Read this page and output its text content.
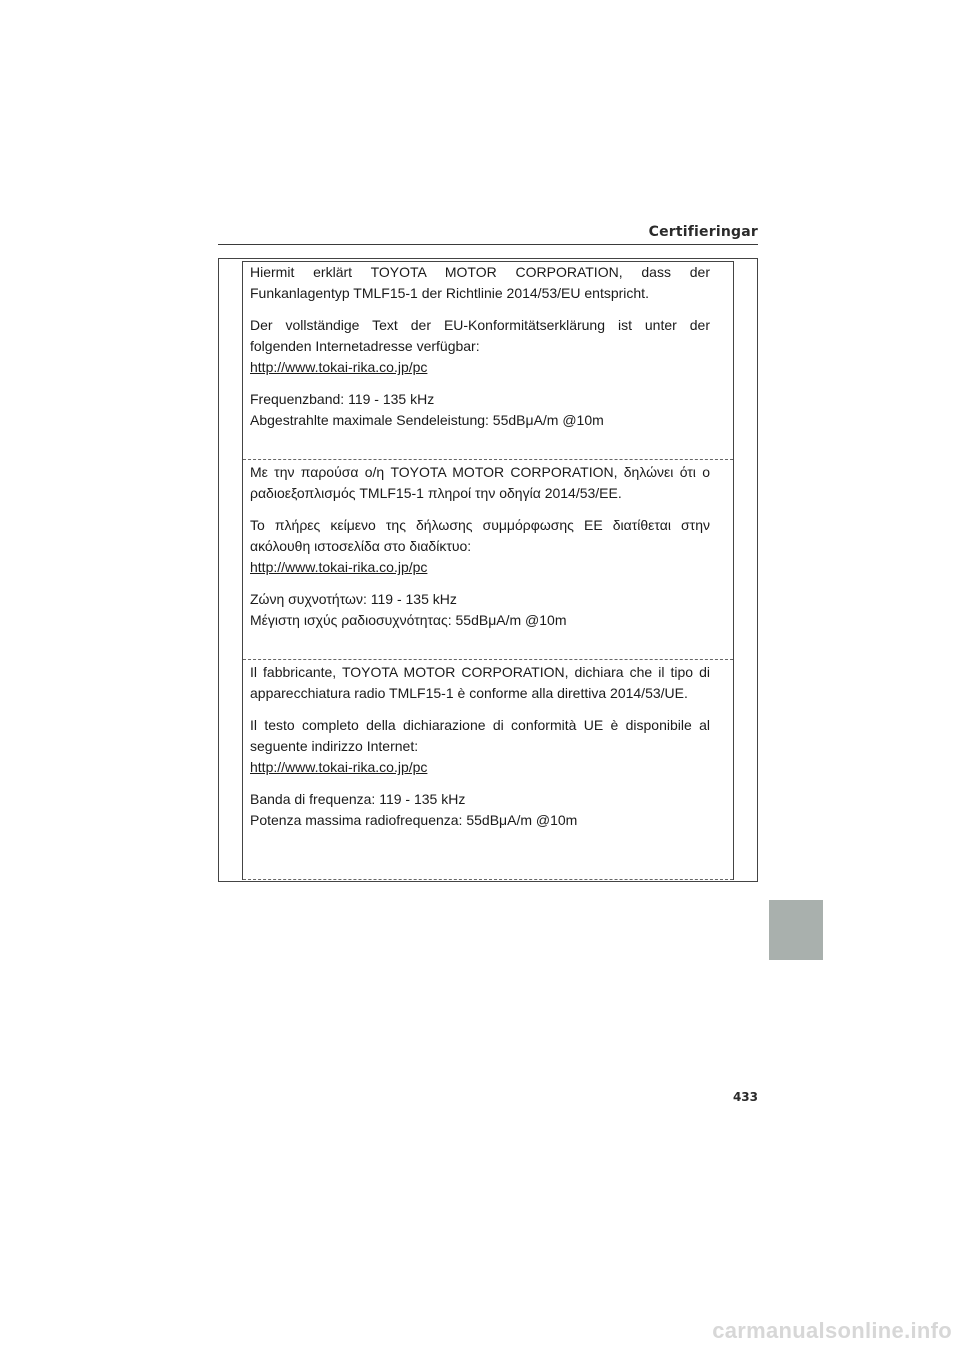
Certifieringar

Hiermit erklärt TOYOTA MOTOR CORPORATION, dass der Funkanlagentyp TMLF15-1 der Richtlinie 2014/53/EU entspricht.

Der vollständige Text der EU-Konformitätserklärung ist unter der folgenden Internetadresse verfügbar:

http://www.tokai-rika.co.jp/pc

Frequenzband: 119 - 135 kHz

Abgestrahlte maximale Sendeleistung: 55dBμA/m @10m

Με την παρούσα ο/η TOYOTA MOTOR CORPORATION, δηλώνει ότι ο ραδιοεξοπλισμός TMLF15-1 πληροί την οδηγία 2014/53/EE.

Το πλήρες κείμενο της δήλωσης συμμόρφωσης ΕΕ διατίθεται στην ακόλουθη ιστοσελίδα στο διαδίκτυο:

http://www.tokai-rika.co.jp/pc

Ζώνη συχνοτήτων: 119 - 135 kHz

Μέγιστη ισχύς ραδιοσυχνότητας: 55dBμA/m @10m

Il fabbricante, TOYOTA MOTOR CORPORATION, dichiara che il tipo di apparecchiatura radio TMLF15-1 è conforme alla direttiva 2014/53/UE.

Il testo completo della dichiarazione di conformità UE è disponibile al seguente indirizzo Internet:

http://www.tokai-rika.co.jp/pc

Banda di frequenza: 119 - 135 kHz

Potenza massima radiofrequenza: 55dBμA/m @10m

433
carmanualsonline.info
